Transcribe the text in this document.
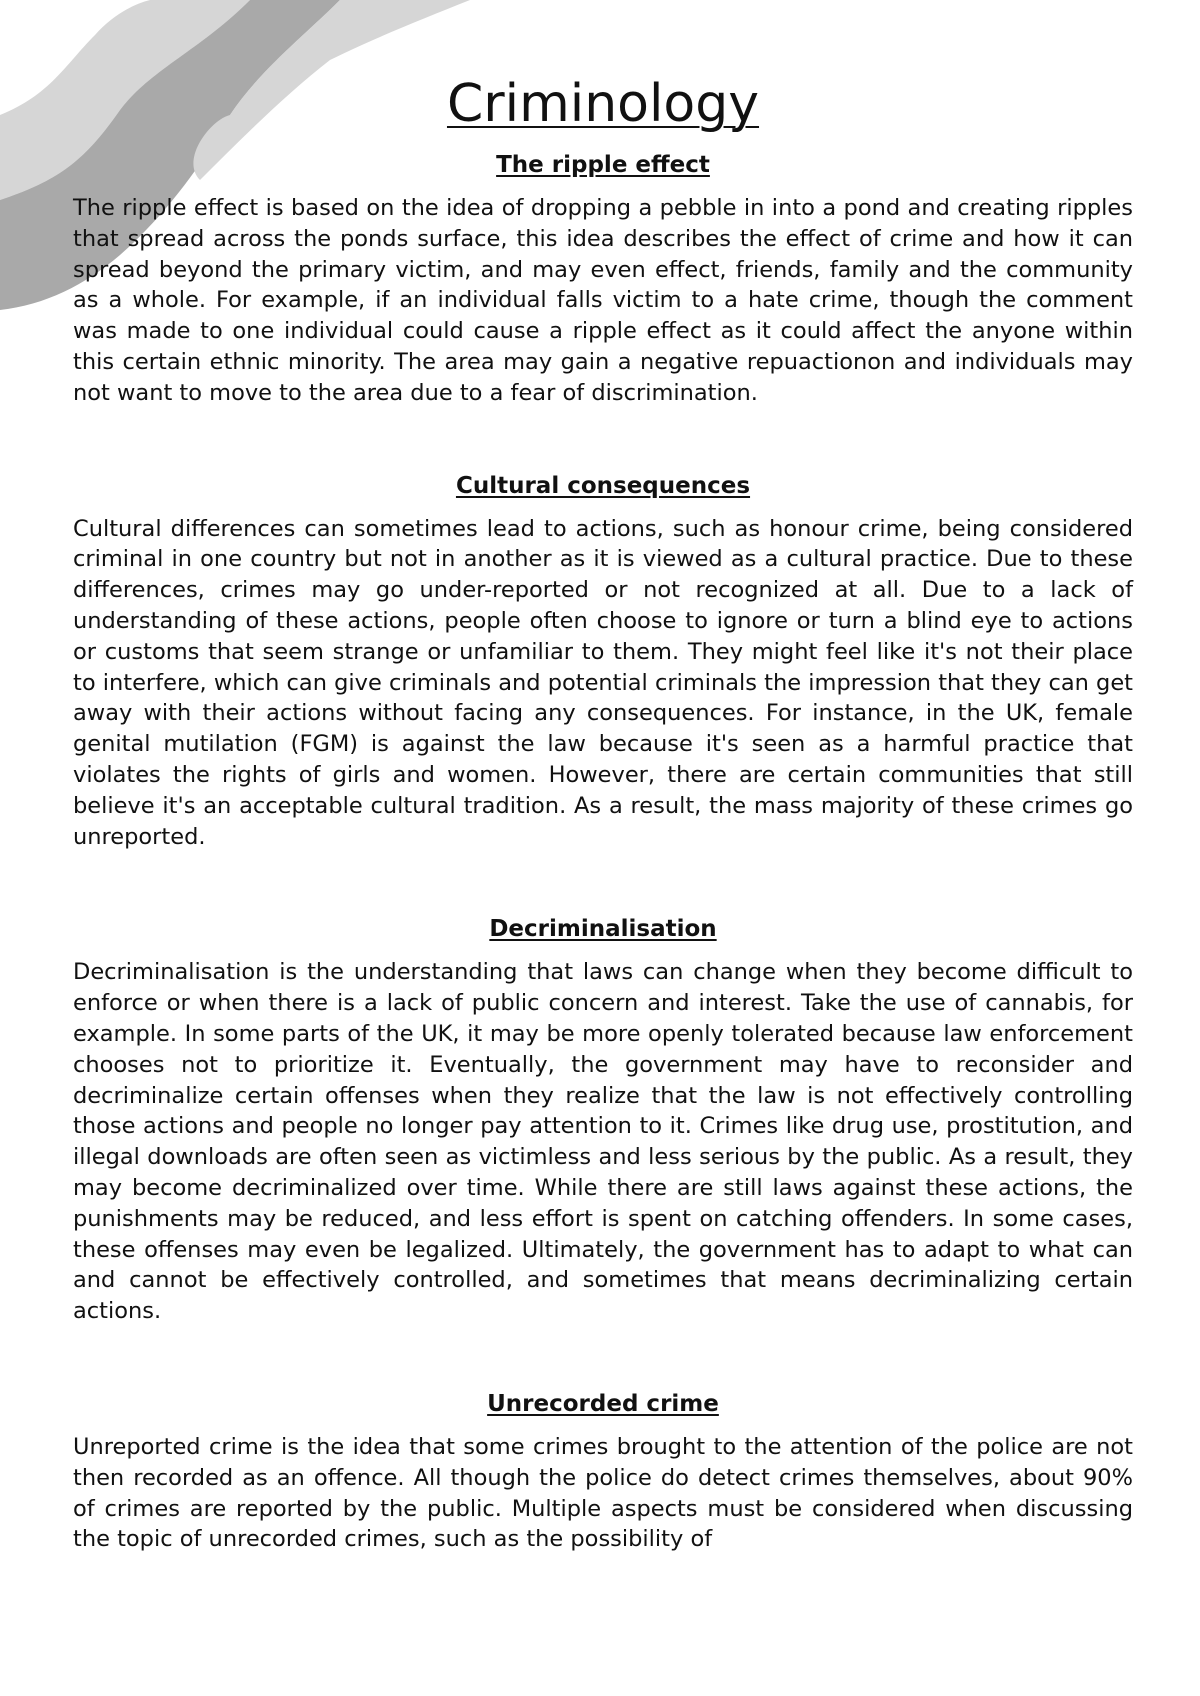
Criminology
The ripple effect

The ripple effect is based on the idea of dropping a pebble in into a pond and creating ripples that spread across the ponds surface, this idea describes the effect of crime and how it can spread beyond the primary victim, and may even effect, friends, family and the community as a whole. For example, if an individual falls victim to a hate crime, though the comment was made to one individual could cause a ripple effect as it could affect the anyone within this certain ethnic minority. The area may gain a negative repuactionon and individuals may not want to move to the area due to a fear of discrimination.

Cultural consequences

Cultural differences can sometimes lead to actions, such as honour crime, being considered criminal in one country but not in another as it is viewed as a cultural practice. Due to these differences, crimes may go under-reported or not recognized at all. Due to a lack of understanding of these actions, people often choose to ignore or turn a blind eye to actions or customs that seem strange or unfamiliar to them. They might feel like it's not their place to interfere, which can give criminals and potential criminals the impression that they can get away with their actions without facing any consequences. For instance, in the UK, female genital mutilation (FGM) is against the law because it's seen as a harmful practice that violates the rights of girls and women. However, there are certain communities that still believe it's an acceptable cultural tradition. As a result, the mass majority of these crimes go unreported.

Decriminalisation

Decriminalisation is the understanding that laws can change when they become difficult to enforce or when there is a lack of public concern and interest. Take the use of cannabis, for example. In some parts of the UK, it may be more openly tolerated because law enforcement chooses not to prioritize it. Eventually, the government may have to reconsider and decriminalize certain offenses when they realize that the law is not effectively controlling those actions and people no longer pay attention to it. Crimes like drug use, prostitution, and illegal downloads are often seen as victimless and less serious by the public. As a result, they may become decriminalized over time. While there are still laws against these actions, the punishments may be reduced, and less effort is spent on catching offenders. In some cases, these offenses may even be legalized. Ultimately, the government has to adapt to what can and cannot be effectively controlled, and sometimes that means decriminalizing certain actions.

Unrecorded crime

Unreported crime is the idea that some crimes brought to the attention of the police are not then recorded as an offence. All though the police do detect crimes themselves, about 90% of crimes are reported by the public. Multiple aspects must be considered when discussing the topic of unrecorded crimes, such as the possibility of
